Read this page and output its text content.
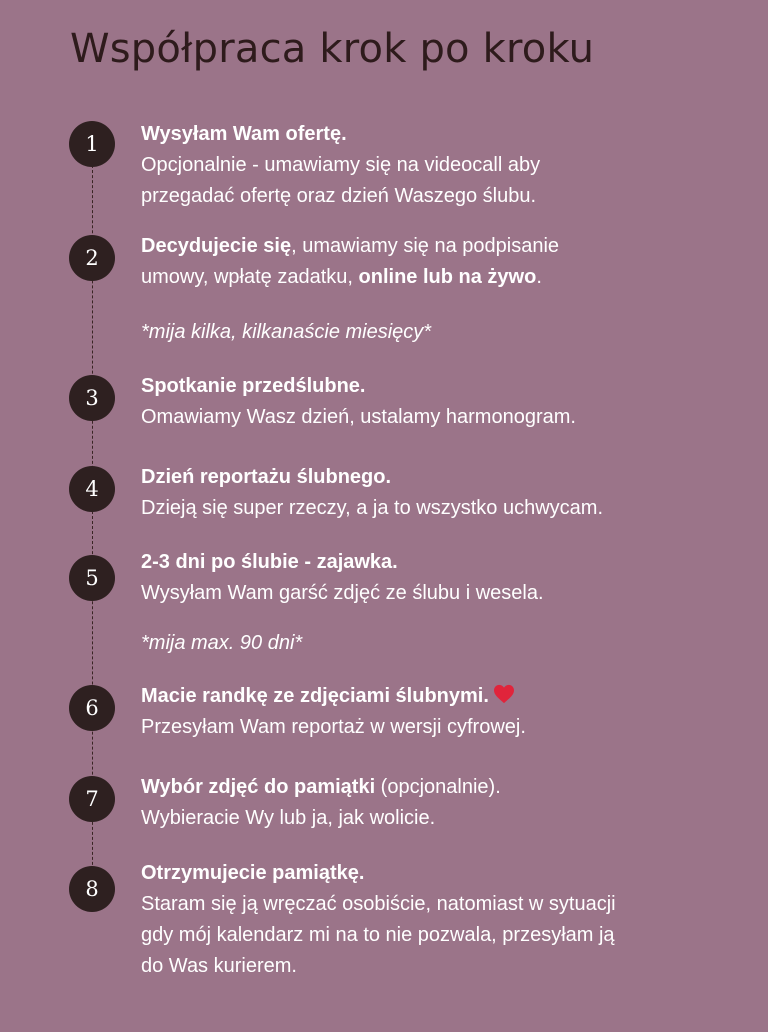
Współpraca krok po kroku
1	Wysyłam Wam ofertę.
Opcjonalnie - umawiamy się na videocall aby
przegadać ofertę oraz dzień Waszego ślubu.
2	Decydujecie się, umawiamy się na podpisanie
umowy, wpłatę zadatku, online lub na żywo.
*mija kilka, kilkanaście miesięcy*
3	Spotkanie przedślubne.
Omawiamy Wasz dzień, ustalamy harmonogram.
4	Dzień reportażu ślubnego.
Dzieją się super rzeczy, a ja to wszystko uchwycam.
5
2-3 dni po ślubie - zajawka.
Wysyłam Wam garść zdjęć ze ślubu i wesela.
*mija max. 90 dni*
6	Macie randkę ze zdjęciami ślubnymi.
Przesyłam Wam reportaż w wersji cyfrowej.
7	Wybór zdjęć do pamiątki (opcjonalnie).
Wybieracie Wy lub ja, jak wolicie.
8
Otrzymujecie pamiątkę.
Staram się ją wręczać osobiście, natomiast w sytuacji
gdy mój kalendarz mi na to nie pozwala, przesyłam ją
do Was kurierem.
